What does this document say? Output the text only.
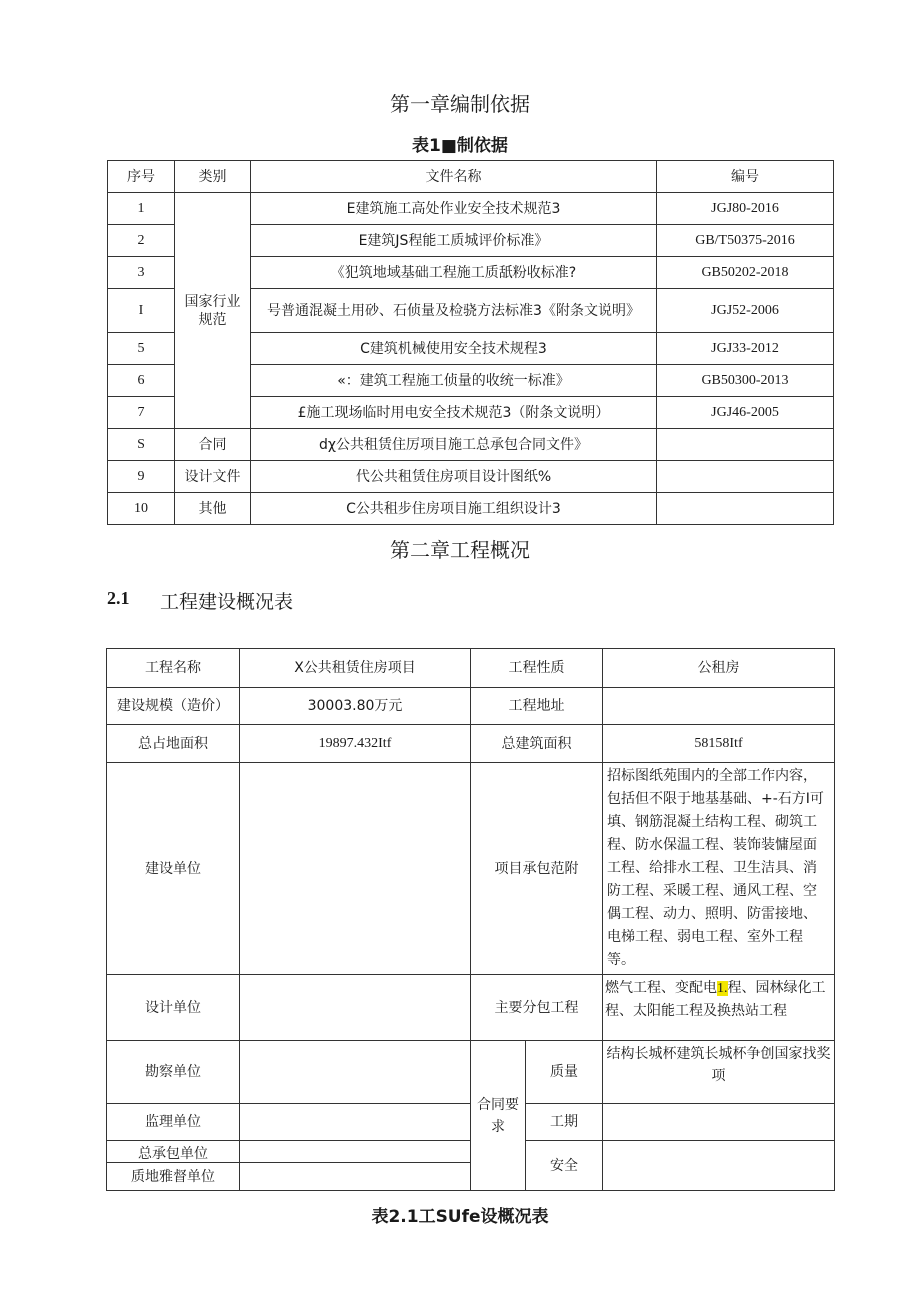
第一章编制依据
表1■制依据
序号	类别	文件名称	编号
1	国家行业规范	E建筑施工高处作业安全技术规范3	JGJ80-2016
2		E建筑JS程能工质城评价标准》	GB/T50375-2016
3		《犯筑地域基础工程施工质舐粉收标准?	GB50202-2018
I		号普通混凝土用砂、石侦量及检骁方法标准3《附条文说明》	JGJ52-2006
5		C建筑机械使用安全技术规程3	JGJ33-2012
6		«：建筑工程施工侦量的收统一标准》	GB50300-2013
7		£施工现场临时用电安全技术规范3（附条文说明）	JGJ46-2005
S	合同	dχ公共租赁住厉项目施工总承包合同文件》	
9	设计文件	代公共租赁住房项目设计图纸%	
10	其他	C公共租步住房项目施工组织设计3	
第二章工程概况
2.1 工程建设概况表
工程名称	X公共租赁住房项目	工程性质		公租房
建设规模（造价）	30003.80万元	工程地址		
总占地面积	19897.432Itf	总建筑面积		58158Itf
建设单位		项目承包范附		招标图纸苑围内的全部工作内容，包括但不限于地基基础、+-石方I可填、钢筋混凝土结构工程、砌筑工程、防水保温工程、装饰装慵屋面工程、给排水工程、卫生洁具、消防工程、采暖工程、通风工程、空偶工程、动力、照明、防雷接地、电梯工程、弱电工程、室外工程等。
设计单位		主要分包工程		燃气工程、变配电1.程、园林绿化工程、太阳能工程及换热站工程
勘察单位		合同要求	质量	结构长城杯建筑长城杯争创国家找奖项
监理单位			工期	
总承包单位			安全	
质地雅督单位				
表2.1工SUfe设概况表
